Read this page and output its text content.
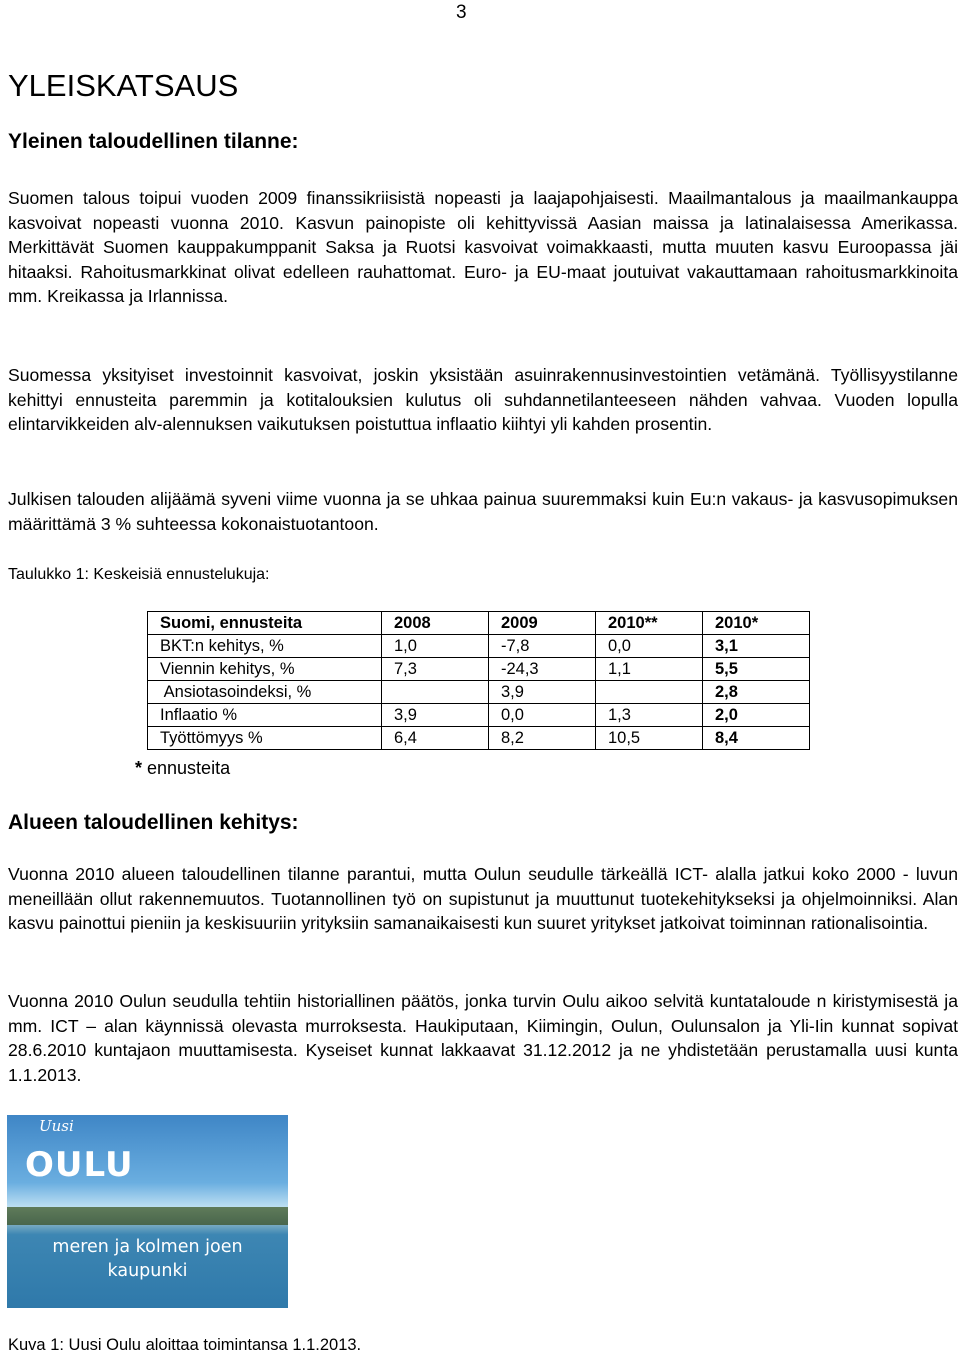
3
YLEISKATSAUS
Yleinen taloudellinen tilanne:

Suomen talous toipui vuoden 2009 finanssikriisistä nopeasti ja laajapohjaisesti. Maailmantalous ja maailmankauppa kasvoivat nopeasti vuonna 2010. Kasvun painopiste oli kehittyvissä Aasian maissa ja latinalaisessa Amerikassa. Merkittävät Suomen kauppakumppanit Saksa ja Ruotsi kasvoivat voimakkaasti, mutta muuten kasvu Euroopassa jäi hitaaksi. Rahoitusmarkkinat olivat edelleen rauhattomat. Euro- ja EU-maat joutuivat vakauttamaan rahoitusmarkkinoita mm. Kreikassa ja Irlannissa.

Suomessa yksityiset investoinnit kasvoivat, joskin yksistään asuinrakennusinvestointien vetämänä. Työllisyystilanne kehittyi ennusteita paremmin ja kotitalouksien kulutus oli suhdannetilanteeseen nähden vahvaa. Vuoden lopulla elintarvikkeiden alv-alennuksen vaikutuksen poistuttua inflaatio kiihtyi yli kahden prosentin.

Julkisen talouden alijäämä syveni viime vuonna ja se uhkaa painua suuremmaksi kuin Eu:n vakaus- ja kasvusopimuksen määrittämä 3 % suhteessa kokonaistuotantoon.

Taulukko 1: Keskeisiä ennustelukuja:
Suomi, ennusteita	2008	2009	2010**	2010*
BKT:n kehitys, %	1,0	-7,8	0,0	3,1
Viennin kehitys, %	7,3	-24,3	1,1	5,5
Ansiotasoindeksi, %		3,9		2,8
Inflaatio %	3,9	0,0	1,3	2,0
Työttömyys %	6,4	8,2	10,5	8,4
* ennusteita
Alueen taloudellinen kehitys:

Vuonna 2010 alueen taloudellinen tilanne parantui, mutta Oulun seudulle tärkeällä ICT- alalla jatkui koko 2000 - luvun meneillään ollut rakennemuutos. Tuotannollinen työ on supistunut ja muuttunut tuotekehitykseksi ja ohjelmoinniksi. Alan kasvu painottui pieniin ja keskisuuriin yrityksiin samanaikaisesti kun suuret yritykset jatkoivat toiminnan rationalisointia.

Vuonna 2010 Oulun seudulla tehtiin historiallinen päätös, jonka turvin Oulu aikoo selvitä kuntataloude n kiristymisestä ja mm. ICT – alan käynnissä olevasta murroksesta. Haukiputaan, Kiimingin, Oulun, Oulunsalon ja Yli-Iin kunnat sopivat 28.6.2010 kuntajaon muuttamisesta. Kyseiset kunnat lakkaavat 31.12.2012 ja ne yhdistetään perustamalla uusi kunta 1.1.2013.

Uusi
OULU
meren ja kolmen joen
kaupunki
Kuva 1: Uusi Oulu aloittaa toimintansa 1.1.2013.
